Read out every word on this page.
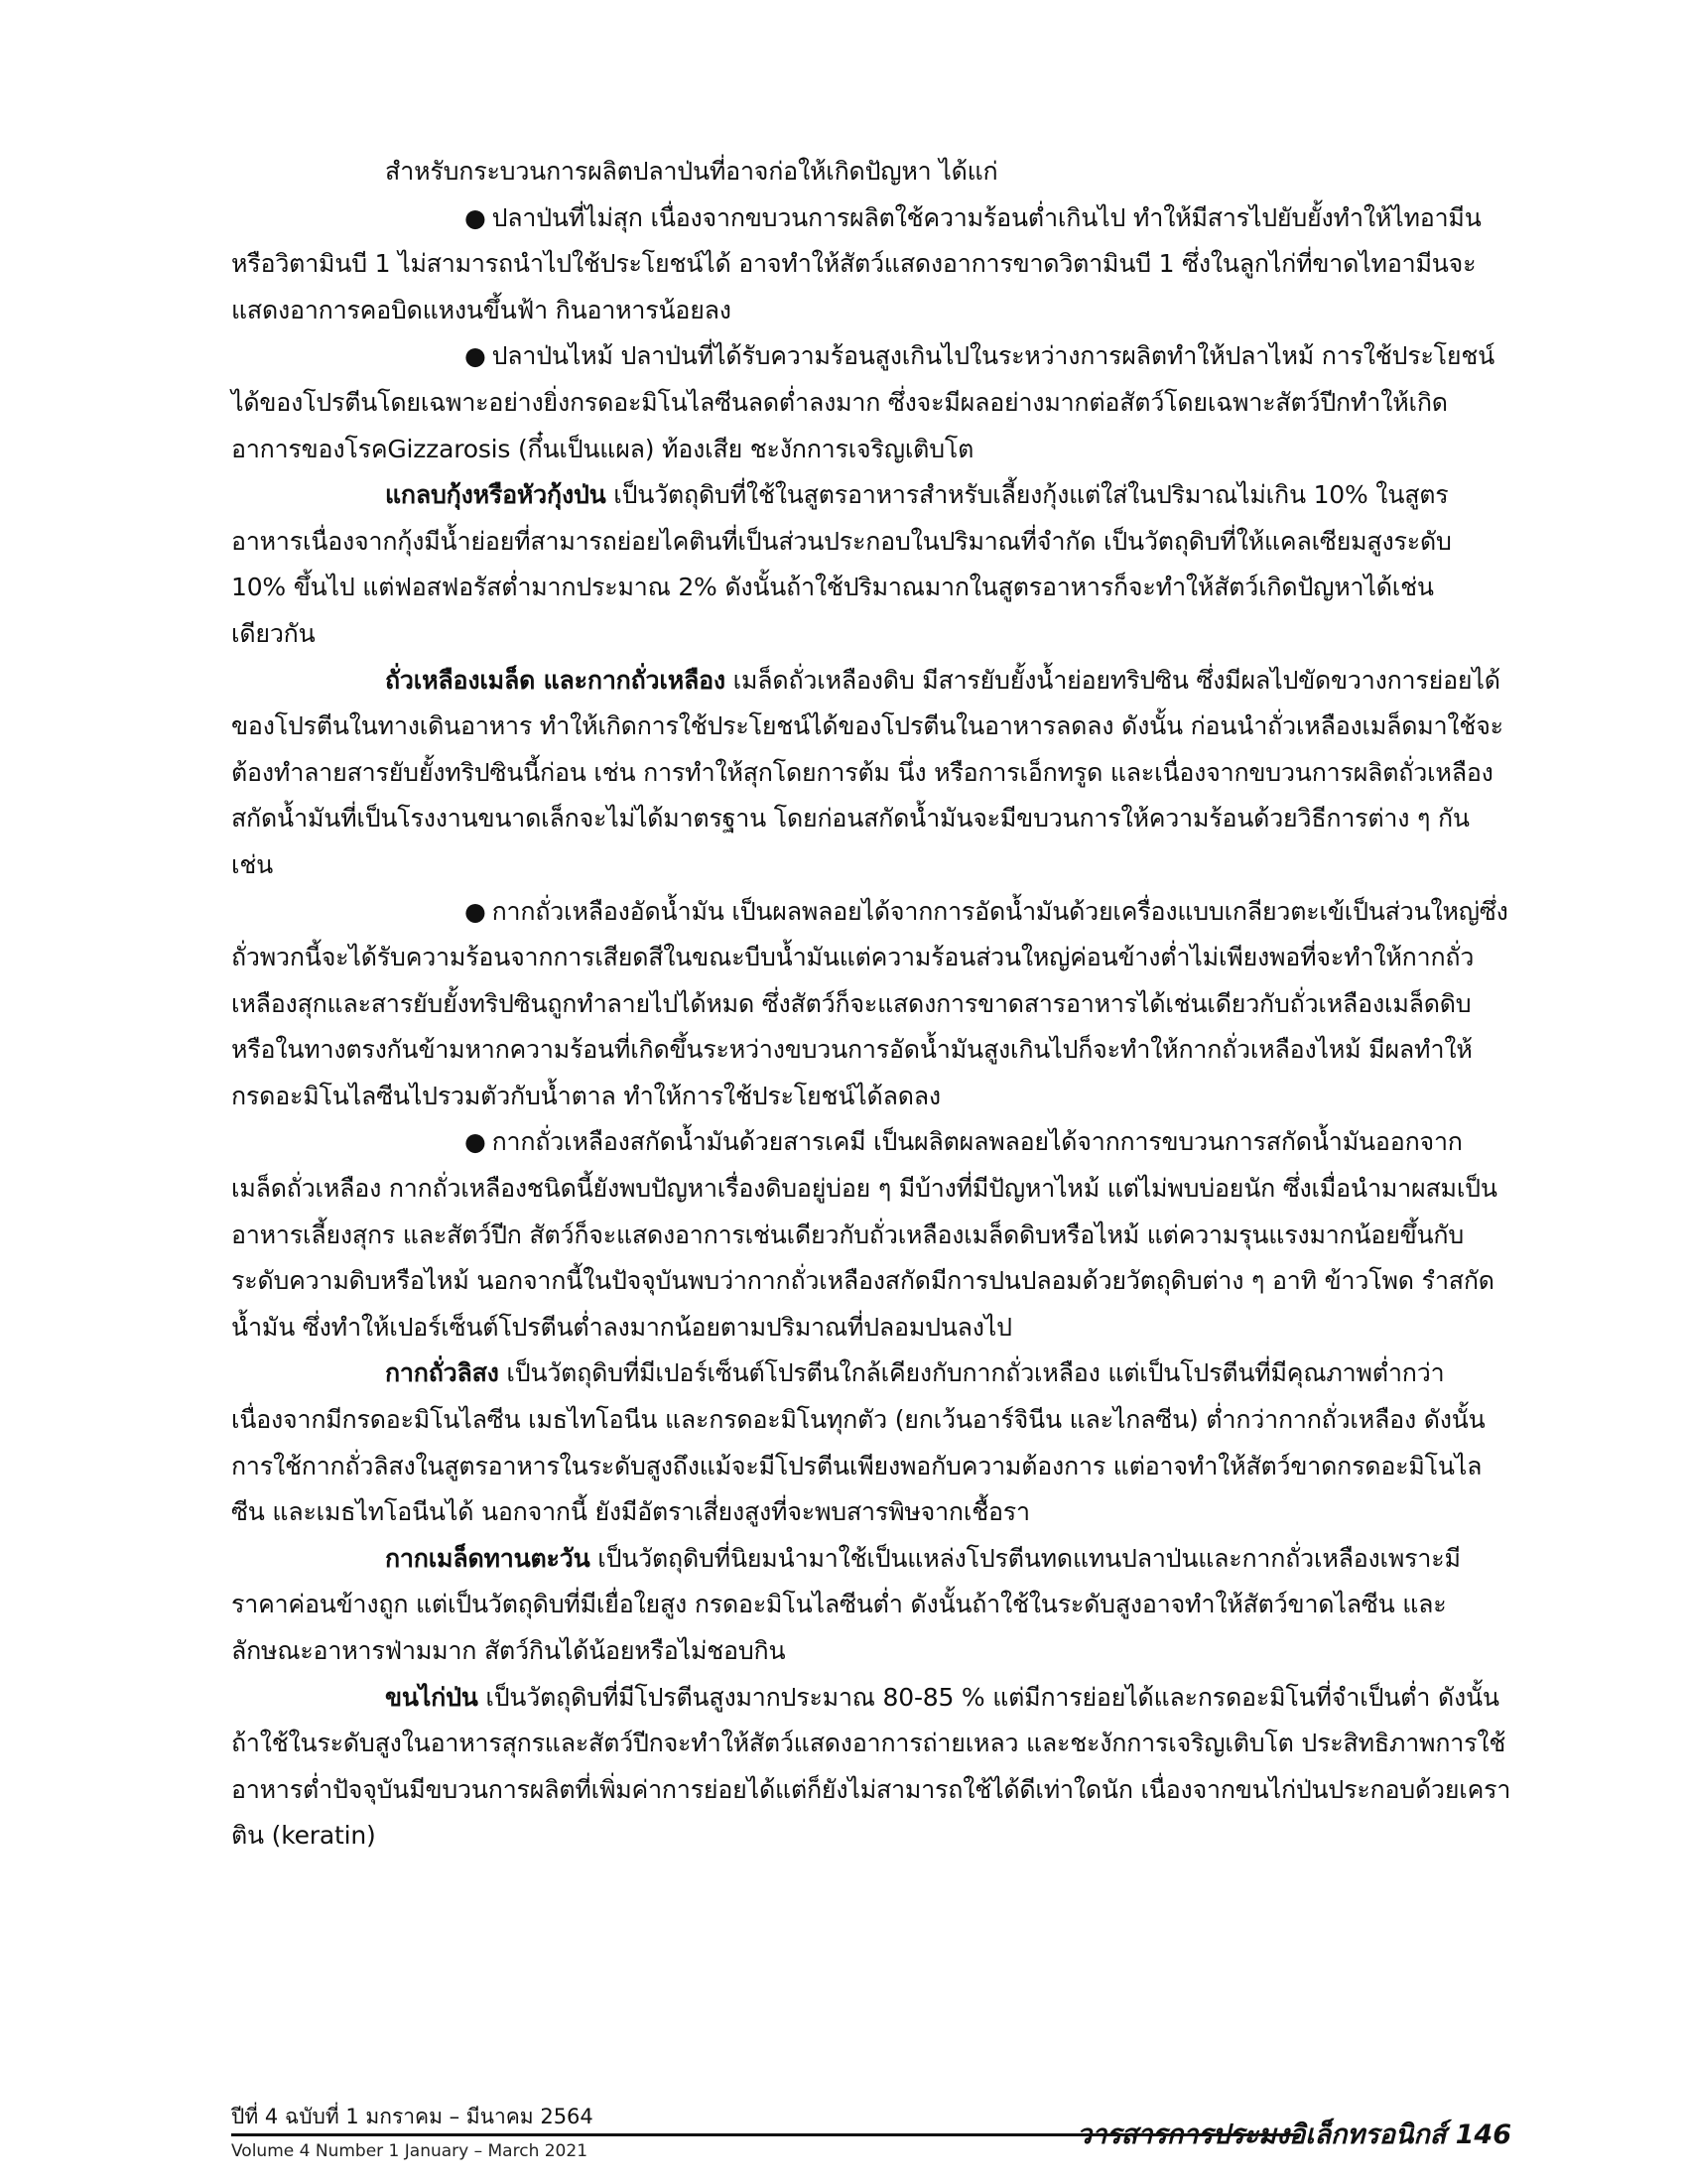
สำหรับกระบวนการผลิตปลาป่นที่อาจก่อให้เกิดปัญหา ได้แก่

● ปลาป่นที่ไม่สุก เนื่องจากขบวนการผลิตใช้ความร้อนต่ำเกินไป ทำให้มีสารไปยับยั้งทำให้ไทอามีนหรือวิตามินบี 1 ไม่สามารถนำไปใช้ประโยชน์ได้ อาจทำให้สัตว์แสดงอาการขาดวิตามินบี 1 ซึ่งในลูกไก่ที่ขาดไทอามีนจะแสดงอาการคอบิดแหงนขึ้นฟ้า กินอาหารน้อยลง

● ปลาป่นไหม้ ปลาป่นที่ได้รับความร้อนสูงเกินไปในระหว่างการผลิตทำให้ปลาไหม้ การใช้ประโยชน์ได้ของโปรตีนโดยเฉพาะอย่างยิ่งกรดอะมิโนไลซีนลดต่ำลงมาก ซึ่งจะมีผลอย่างมากต่อสัตว์โดยเฉพาะสัตว์ปีกทำให้เกิดอาการของโรคGizzarosis (กึ๋นเป็นแผล) ท้องเสีย ชะงักการเจริญเติบโต

แกลบกุ้งหรือหัวกุ้งป่น เป็นวัตถุดิบที่ใช้ในสูตรอาหารสำหรับเลี้ยงกุ้งแต่ใส่ในปริมาณไม่เกิน 10% ในสูตรอาหารเนื่องจากกุ้งมีน้ำย่อยที่สามารถย่อยไคตินที่เป็นส่วนประกอบในปริมาณที่จำกัด เป็นวัตถุดิบที่ให้แคลเซียมสูงระดับ 10% ขึ้นไป แต่ฟอสฟอรัสต่ำมากประมาณ 2% ดังนั้นถ้าใช้ปริมาณมากในสูตรอาหารก็จะทำให้สัตว์เกิดปัญหาได้เช่นเดียวกัน

ถั่วเหลืองเมล็ด และกากถั่วเหลือง เมล็ดถั่วเหลืองดิบ มีสารยับยั้งน้ำย่อยทริปซิน ซึ่งมีผลไปขัดขวางการย่อยได้ของโปรตีนในทางเดินอาหาร ทำให้เกิดการใช้ประโยชน์ได้ของโปรตีนในอาหารลดลง ดังนั้น ก่อนนำถั่วเหลืองเมล็ดมาใช้จะต้องทำลายสารยับยั้งทริปซินนี้ก่อน เช่น การทำให้สุกโดยการต้ม นึ่ง หรือการเอ็กทรูด และเนื่องจากขบวนการผลิตถั่วเหลืองสกัดน้ำมันที่เป็นโรงงานขนาดเล็กจะไม่ได้มาตรฐาน โดยก่อนสกัดน้ำมันจะมีขบวนการให้ความร้อนด้วยวิธีการต่าง ๆ กัน เช่น

● กากถั่วเหลืองอัดน้ำมัน เป็นผลพลอยได้จากการอัดน้ำมันด้วยเครื่องแบบเกลียวตะเข้เป็นส่วนใหญ่ซึ่งถั่วพวกนี้จะได้รับความร้อนจากการเสียดสีในขณะบีบน้ำมันแต่ความร้อนส่วนใหญ่ค่อนข้างต่ำไม่เพียงพอที่จะทำให้กากถั่วเหลืองสุกและสารยับยั้งทริปซินถูกทำลายไปได้หมด ซึ่งสัตว์ก็จะแสดงการขาดสารอาหารได้เช่นเดียวกับถั่วเหลืองเมล็ดดิบ หรือในทางตรงกันข้ามหากความร้อนที่เกิดขึ้นระหว่างขบวนการอัดน้ำมันสูงเกินไปก็จะทำให้กากถั่วเหลืองไหม้ มีผลทำให้กรดอะมิโนไลซีนไปรวมตัวกับน้ำตาล ทำให้การใช้ประโยชน์ได้ลดลง

● กากถั่วเหลืองสกัดน้ำมันด้วยสารเคมี เป็นผลิตผลพลอยได้จากการขบวนการสกัดน้ำมันออกจากเมล็ดถั่วเหลือง กากถั่วเหลืองชนิดนี้ยังพบปัญหาเรื่องดิบอยู่บ่อย ๆ มีบ้างที่มีปัญหาไหม้ แต่ไม่พบบ่อยนัก ซึ่งเมื่อนำมาผสมเป็นอาหารเลี้ยงสุกร และสัตว์ปีก สัตว์ก็จะแสดงอาการเช่นเดียวกับถั่วเหลืองเมล็ดดิบหรือไหม้ แต่ความรุนแรงมากน้อยขึ้นกับระดับความดิบหรือไหม้ นอกจากนี้ในปัจจุบันพบว่ากากถั่วเหลืองสกัดมีการปนปลอมด้วยวัตถุดิบต่าง ๆ อาทิ ข้าวโพด รำสกัดน้ำมัน ซึ่งทำให้เปอร์เซ็นต์โปรตีนต่ำลงมากน้อยตามปริมาณที่ปลอมปนลงไป

กากถั่วลิสง เป็นวัตถุดิบที่มีเปอร์เซ็นต์โปรตีนใกล้เคียงกับกากถั่วเหลือง แต่เป็นโปรตีนที่มีคุณภาพต่ำกว่าเนื่องจากมีกรดอะมิโนไลซีน เมธไทโอนีน และกรดอะมิโนทุกตัว (ยกเว้นอาร์จินีน และไกลซีน) ต่ำกว่ากากถั่วเหลือง ดังนั้นการใช้กากถั่วลิสงในสูตรอาหารในระดับสูงถึงแม้จะมีโปรตีนเพียงพอกับความต้องการ แต่อาจทำให้สัตว์ขาดกรดอะมิโนไลซีน และเมธไทโอนีนได้ นอกจากนี้ ยังมีอัตราเสี่ยงสูงที่จะพบสารพิษจากเชื้อรา

กากเมล็ดทานตะวัน เป็นวัตถุดิบที่นิยมนำมาใช้เป็นแหล่งโปรตีนทดแทนปลาป่นและกากถั่วเหลืองเพราะมีราคาค่อนข้างถูก แต่เป็นวัตถุดิบที่มีเยื่อใยสูง กรดอะมิโนไลซีนต่ำ ดังนั้นถ้าใช้ในระดับสูงอาจทำให้สัตว์ขาดไลซีน และลักษณะอาหารฟ่ามมาก สัตว์กินได้น้อยหรือไม่ชอบกิน

ขนไก่ป่น เป็นวัตถุดิบที่มีโปรตีนสูงมากประมาณ 80-85 % แต่มีการย่อยได้และกรดอะมิโนที่จำเป็นต่ำ ดังนั้นถ้าใช้ในระดับสูงในอาหารสุกรและสัตว์ปีกจะทำให้สัตว์แสดงอาการถ่ายเหลว และชะงักการเจริญเติบโต ประสิทธิภาพการใช้อาหารต่ำปัจจุบันมีขบวนการผลิตที่เพิ่มค่าการย่อยได้แต่ก็ยังไม่สามารถใช้ได้ดีเท่าใดนัก เนื่องจากขนไก่ป่นประกอบด้วยเคราติน (keratin)

ปีที่ 4 ฉบับที่ 1 มกราคม – มีนาคม 2564
Volume 4 Number 1 January – March 2021
วารสารการประมงอิเล็กทรอนิกส์ 146
